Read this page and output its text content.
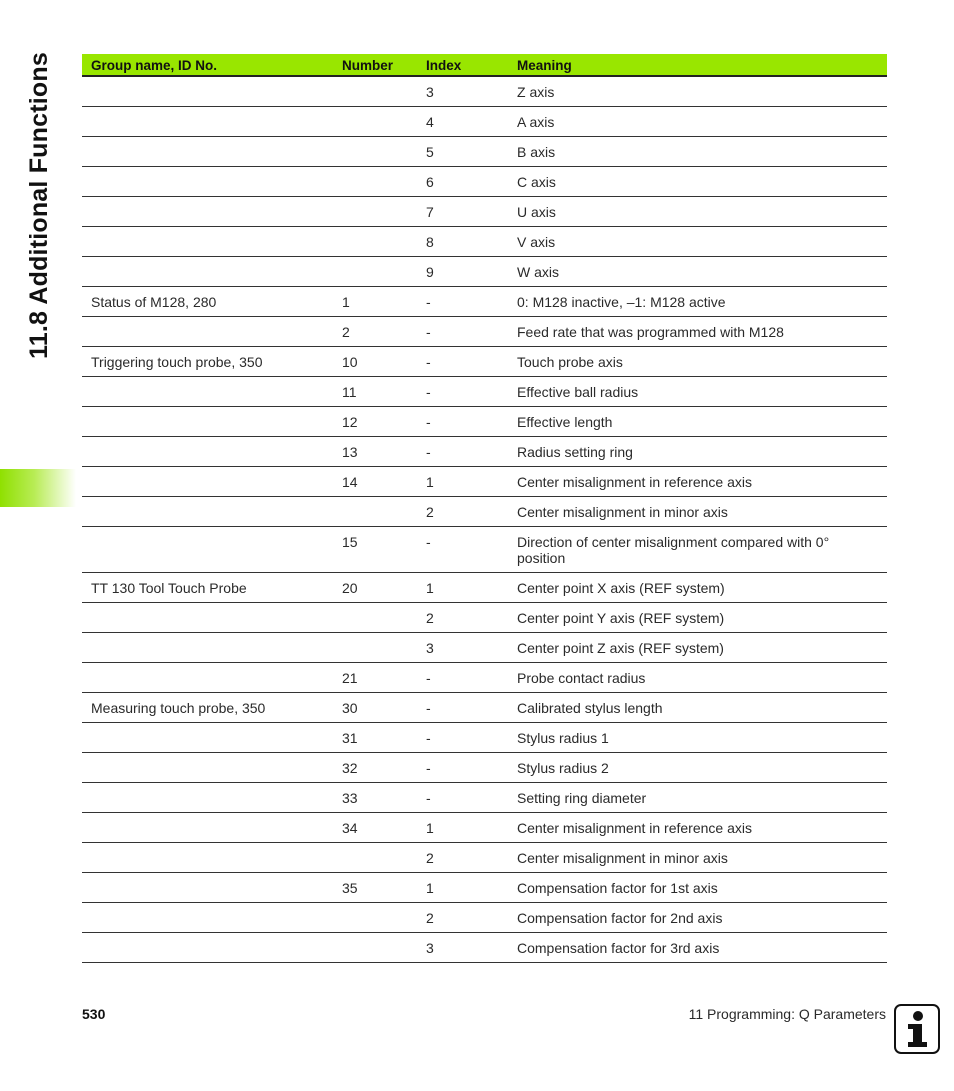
11.8 Additional Functions	Group name, ID No.	Number	Index	Meaning
		3	Z axis
		4	A axis
		5	B axis
		6	C axis
		7	U axis
		8	V axis
		9	W axis
Status of M128, 280	1	-	0: M128 inactive, –1: M128 active
	2	-	Feed rate that was programmed with M128
Triggering touch probe, 350	10	-	Touch probe axis
	11	-	Effective ball radius
	12	-	Effective length
	13	-	Radius setting ring
	14	1	Center misalignment in reference axis
		2	Center misalignment in minor axis
	15	-	Direction of center misalignment compared with 0° position
TT 130 Tool Touch Probe	20	1	Center point X axis (REF system)
		2	Center point Y axis (REF system)
		3	Center point Z axis (REF system)
	21	-	Probe contact radius
Measuring touch probe, 350	30	-	Calibrated stylus length
	31	-	Stylus radius 1
	32	-	Stylus radius 2
	33	-	Setting ring diameter
	34	1	Center misalignment in reference axis
		2	Center misalignment in minor axis
	35	1	Compensation factor for 1st axis
		2	Compensation factor for 2nd axis
		3	Compensation factor for 3rd axis
530	11 Programming: Q Parameters
